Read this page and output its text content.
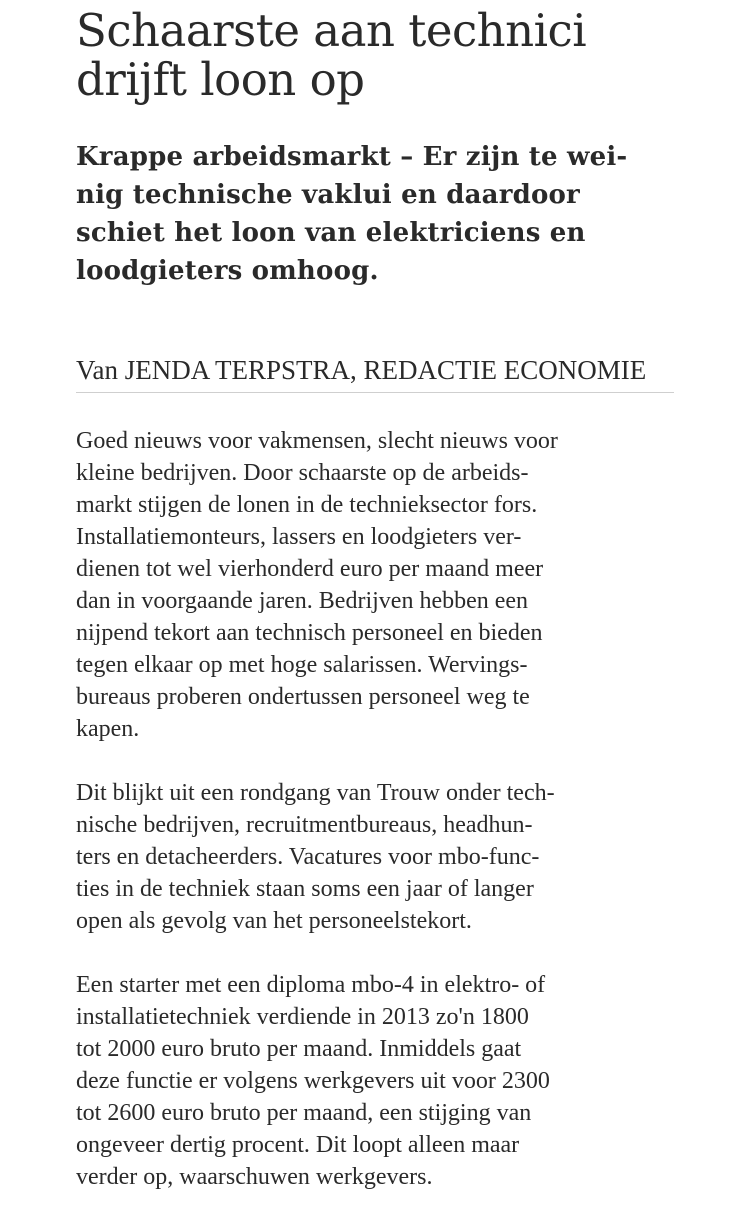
Schaarste aan technici
drijft loon op

Krappe arbeidsmarkt – Er zijn te wei-
nig technische vaklui en daardoor
schiet het loon van elektriciens en
loodgieters omhoog.

Van JENDA TERPSTRA, REDACTIE ECONOMIE

Goed nieuws voor vakmensen, slecht nieuws voor
kleine bedrijven. Door schaarste op de arbeids-
markt stijgen de lonen in de technieksector fors.
Installatiemonteurs, lassers en loodgieters ver-
dienen tot wel vierhonderd euro per maand meer
dan in voorgaande jaren. Bedrijven hebben een
nijpend tekort aan technisch personeel en bieden
tegen elkaar op met hoge salarissen. Wervings-
bureaus proberen ondertussen personeel weg te
kapen.

Dit blijkt uit een rondgang van Trouw onder tech-
nische bedrijven, recruitmentbureaus, headhun-
ters en detacheerders. Vacatures voor mbo-func-
ties in de techniek staan soms een jaar of langer
open als gevolg van het personeelstekort.

Een starter met een diploma mbo-4 in elektro- of
installatietechniek verdiende in 2013 zo'n 1800
tot 2000 euro bruto per maand. Inmiddels gaat
deze functie er volgens werkgevers uit voor 2300
tot 2600 euro bruto per maand, een stijging van
ongeveer dertig procent. Dit loopt alleen maar
verder op, waarschuwen werkgevers.
